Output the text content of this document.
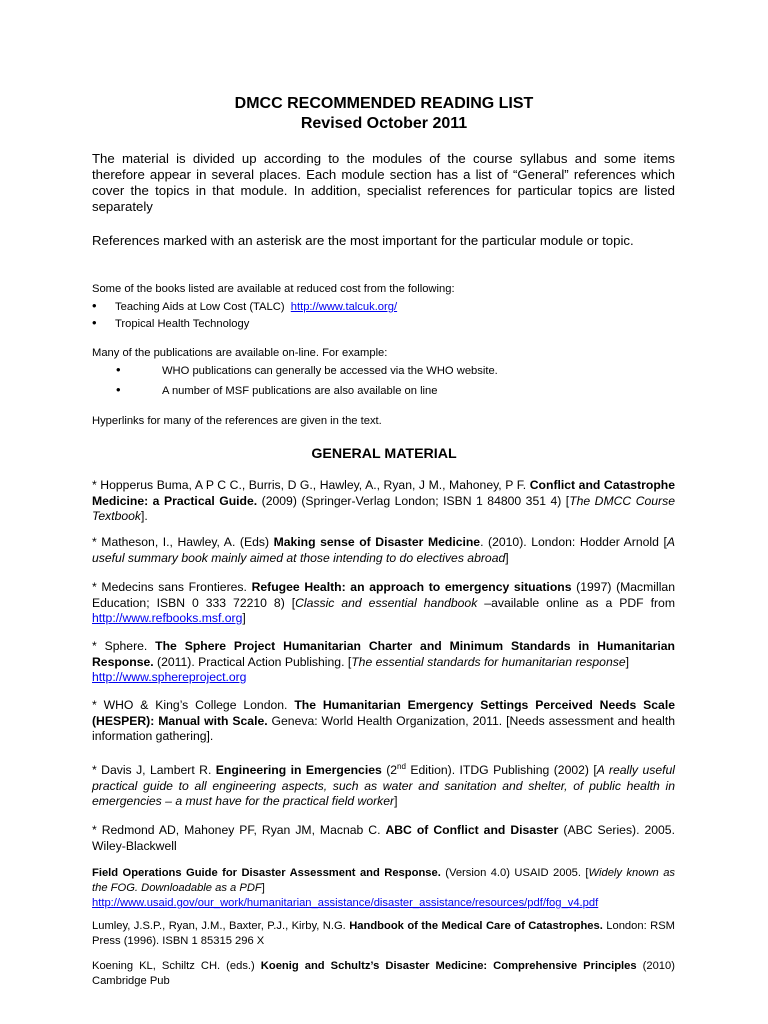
DMCC RECOMMENDED READING LIST
Revised October 2011
The material is divided up according to the modules of the course syllabus and some items therefore appear in several places. Each module section has a list of “General” references which cover the topics in that module. In addition, specialist references for particular topics are listed separately
References marked with an asterisk are the most important for the particular module or topic.
Some of the books listed are available at reduced cost from the following:
• Teaching Aids at Low Cost (TALC) http://www.talcuk.org/
• Tropical Health Technology
Many of the publications are available on-line. For example:
•	WHO publications can generally be accessed via the WHO website.
•	A number of MSF publications are also available on line
Hyperlinks for many of the references are given in the text.
GENERAL MATERIAL
* Hopperus Buma, A P C C., Burris, D G., Hawley, A., Ryan, J M., Mahoney, P F. Conflict and Catastrophe Medicine: a Practical Guide. (2009) (Springer-Verlag London; ISBN 1 84800 351 4) [The DMCC Course Textbook].
* Matheson, I., Hawley, A. (Eds) Making sense of Disaster Medicine. (2010). London: Hodder Arnold [A useful summary book mainly aimed at those intending to do electives abroad]
* Medecins sans Frontieres. Refugee Health: an approach to emergency situations (1997) (Macmillan Education; ISBN 0 333 72210 8) [Classic and essential handbook –available online as a PDF from http://www.refbooks.msf.org]
* Sphere. The Sphere Project Humanitarian Charter and Minimum Standards in Humanitarian Response. (2011). Practical Action Publishing. [The essential standards for humanitarian response]
http://www.sphereproject.org
* WHO & King’s College London. The Humanitarian Emergency Settings Perceived Needs Scale (HESPER): Manual with Scale. Geneva: World Health Organization, 2011. [Needs assessment and health information gathering].
* Davis J, Lambert R. Engineering in Emergencies (2nd Edition). ITDG Publishing (2002) [A really useful practical guide to all engineering aspects, such as water and sanitation and shelter, of public health in emergencies – a must have for the practical field worker]
* Redmond AD, Mahoney PF, Ryan JM, Macnab C. ABC of Conflict and Disaster (ABC Series). 2005. Wiley-Blackwell
Field Operations Guide for Disaster Assessment and Response. (Version 4.0) USAID 2005. [Widely known as the FOG. Downloadable as a PDF]
http://www.usaid.gov/our_work/humanitarian_assistance/disaster_assistance/resources/pdf/fog_v4.pdf
Lumley, J.S.P., Ryan, J.M., Baxter, P.J., Kirby, N.G. Handbook of the Medical Care of Catastrophes. London: RSM Press (1996). ISBN 1 85315 296 X
Koening KL, Schiltz CH. (eds.) Koenig and Schultz’s Disaster Medicine: Comprehensive Principles (2010) Cambridge Pub
